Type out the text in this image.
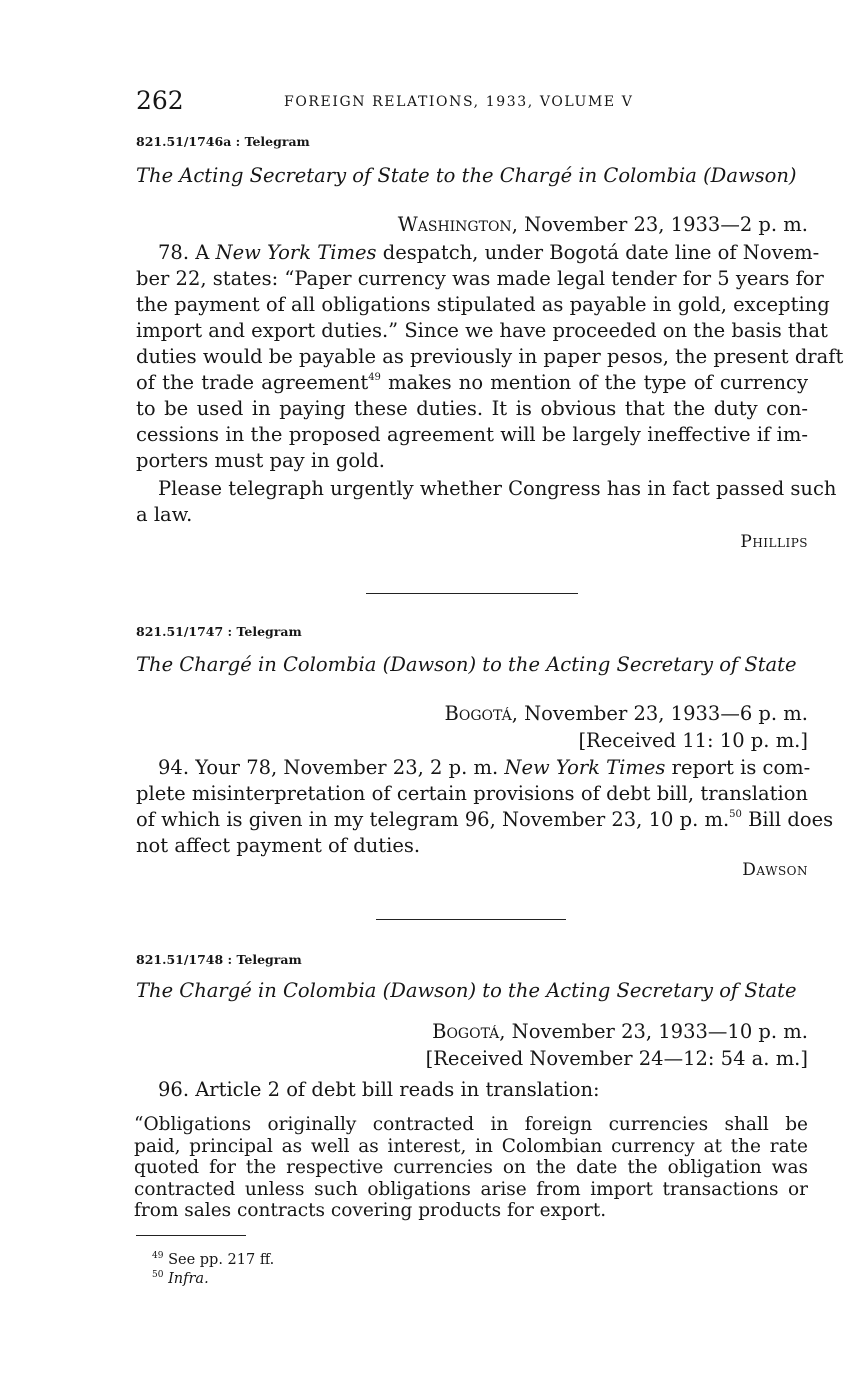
262	FOREIGN RELATIONS, 1933, VOLUME V
821.51/1746a : Telegram
The Acting Secretary of State to the Chargé in Colombia (Dawson)
Washington, November 23, 1933—2 p. m.
78. A New York Times despatch, under Bogotá date line of Novem-
ber 22, states: “Paper currency was made legal tender for 5 years for
the payment of all obligations stipulated as payable in gold, excepting
import and export duties.” Since we have proceeded on the basis that
duties would be payable as previously in paper pesos, the present draft
of the trade agreement$^{49}$ makes no mention of the type of currency
to be used in paying these duties. It is obvious that the duty con-
cessions in the proposed agreement will be largely ineffective if im-
porters must pay in gold.
Please telegraph urgently whether Congress has in fact passed such
a law.
Phillips
821.51/1747 : Telegram
The Chargé in Colombia (Dawson) to the Acting Secretary of State
Bogotá, November 23, 1933—6 p. m.
[Received 11: 10 p. m.]
94. Your 78, November 23, 2 p. m. New York Times report is com-
plete misinterpretation of certain provisions of debt bill, translation
of which is given in my telegram 96, November 23, 10 p. m.$^{50}$ Bill does
not affect payment of duties.
Dawson
821.51/1748 : Telegram
The Chargé in Colombia (Dawson) to the Acting Secretary of State
Bogotá, November 23, 1933—10 p. m.
[Received November 24—12: 54 a. m.]
96. Article 2 of debt bill reads in translation:
“Obligations originally contracted in foreign currencies shall be
paid, principal as well as interest, in Colombian currency at the rate
quoted for the respective currencies on the date the obligation was
contracted unless such obligations arise from import transactions or
from sales contracts covering products for export.
$^{49}$ See pp. 217 ff.
$^{50}$ Infra.
